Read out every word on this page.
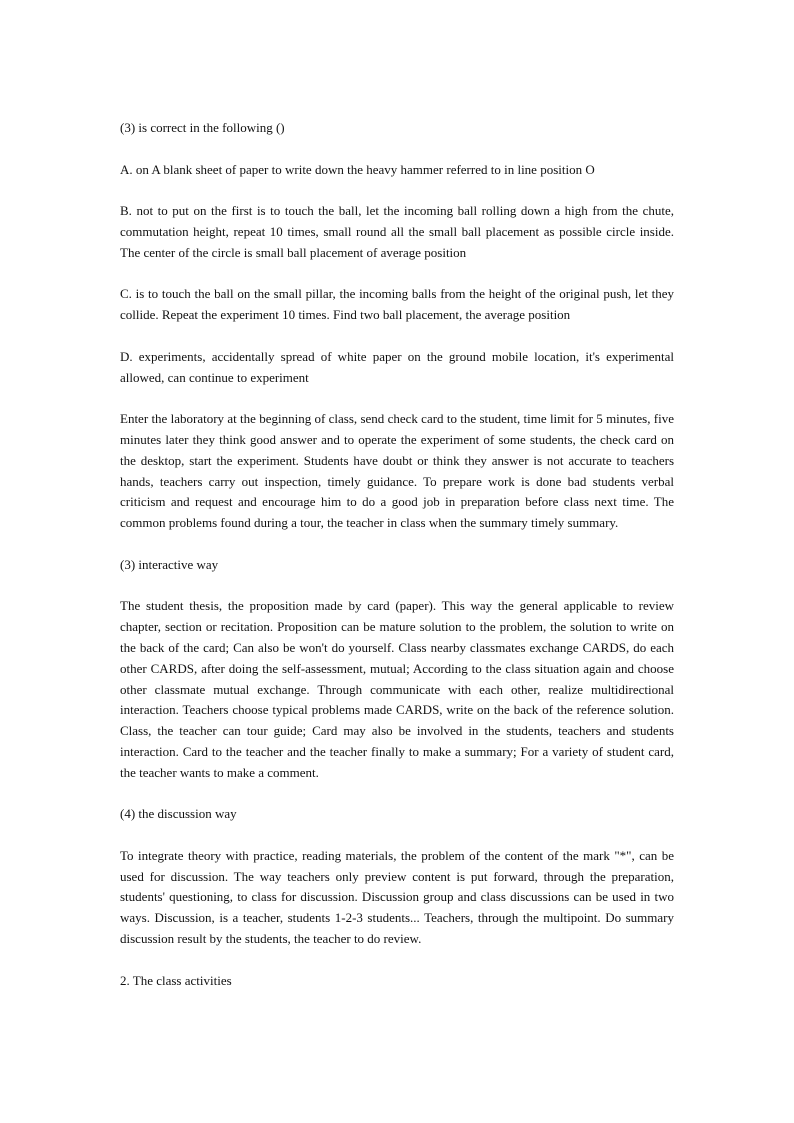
(3) is correct in the following ()

A. on A blank sheet of paper to write down the heavy hammer referred to in line position O

B. not to put on the first is to touch the ball, let the incoming ball rolling down a high from the chute, commutation height, repeat 10 times, small round all the small ball placement as possible circle inside. The center of the circle is small ball placement of average position

C. is to touch the ball on the small pillar, the incoming balls from the height of the original push, let they collide. Repeat the experiment 10 times. Find two ball placement, the average position

D. experiments, accidentally spread of white paper on the ground mobile location, it's experimental allowed, can continue to experiment

Enter the laboratory at the beginning of class, send check card to the student, time limit for 5 minutes, five minutes later they think good answer and to operate the experiment of some students, the check card on the desktop, start the experiment. Students have doubt or think they answer is not accurate to teachers hands, teachers carry out inspection, timely guidance. To prepare work is done bad students verbal criticism and request and encourage him to do a good job in preparation before class next time. The common problems found during a tour, the teacher in class when the summary timely summary.

(3) interactive way

The student thesis, the proposition made by card (paper). This way the general applicable to review chapter, section or recitation. Proposition can be mature solution to the problem, the solution to write on the back of the card; Can also be won't do yourself. Class nearby classmates exchange CARDS, do each other CARDS, after doing the self-assessment, mutual; According to the class situation again and choose other classmate mutual exchange. Through communicate with each other, realize multidirectional interaction. Teachers choose typical problems made CARDS, write on the back of the reference solution. Class, the teacher can tour guide; Card may also be involved in the students, teachers and students interaction. Card to the teacher and the teacher finally to make a summary; For a variety of student card, the teacher wants to make a comment.

(4) the discussion way

To integrate theory with practice, reading materials, the problem of the content of the mark "*", can be used for discussion. The way teachers only preview content is put forward, through the preparation, students' questioning, to class for discussion. Discussion group and class discussions can be used in two ways. Discussion, is a teacher, students 1-2-3 students... Teachers, through the multipoint. Do summary discussion result by the students, the teacher to do review.

2. The class activities
